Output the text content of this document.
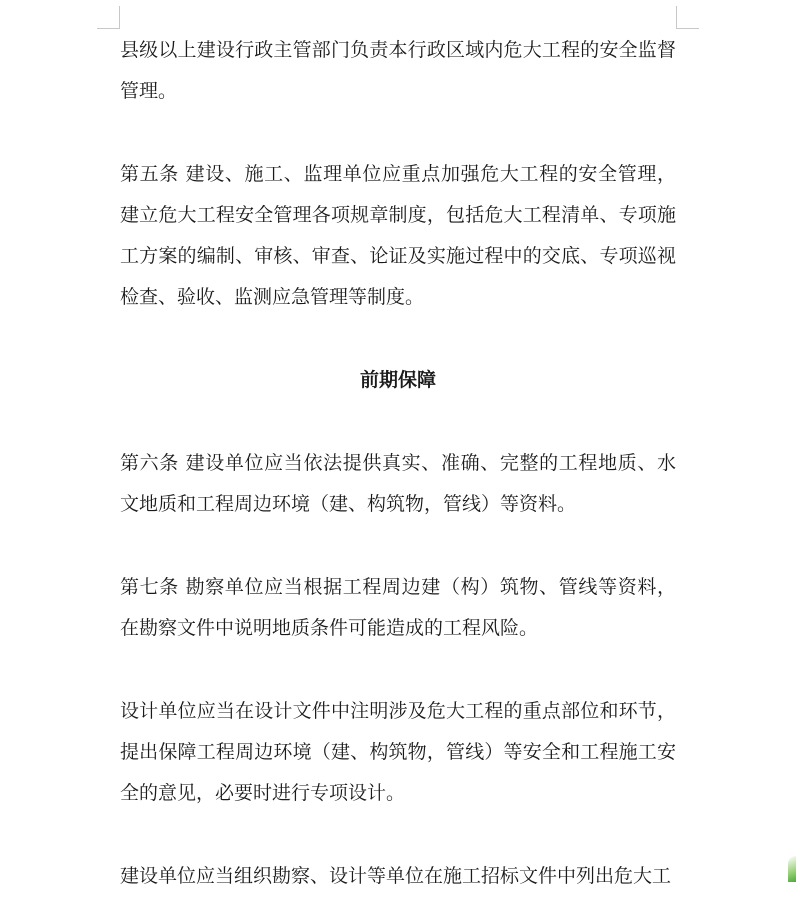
县级以上建设行政主管部门负责本行政区域内危大工程的安全监督管理。

第五条 建设、施工、监理单位应重点加强危大工程的安全管理，建立危大工程安全管理各项规章制度，包括危大工程清单、专项施工方案的编制、审核、审查、论证及实施过程中的交底、专项巡视检查、验收、监测应急管理等制度。

前期保障

第六条 建设单位应当依法提供真实、准确、完整的工程地质、水文地质和工程周边环境（建、构筑物，管线）等资料。

第七条 勘察单位应当根据工程周边建（构）筑物、管线等资料，在勘察文件中说明地质条件可能造成的工程风险。

设计单位应当在设计文件中注明涉及危大工程的重点部位和环节，提出保障工程周边环境（建、构筑物，管线）等安全和工程施工安全的意见，必要时进行专项设计。

建设单位应当组织勘察、设计等单位在施工招标文件中列出危大工
